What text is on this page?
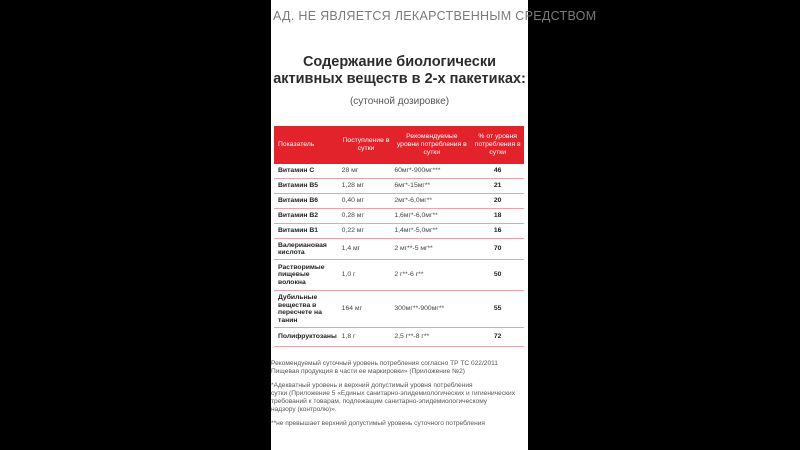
АД. НЕ ЯВЛЯЕТСЯ ЛЕКАРСТВЕННЫМ СРЕДСТВОМ
Содержание биологически
активных веществ в 2-х пакетиках:
(суточной дозировке)
Показатель	Поступление в сутки	Рекомендуемые уровни потребления в сутки	% от уровня потребления в сутки
Витамин С	28 мг	60мг*-900мг***	46
Витамин В5	1,28 мг	6мг*-15мг**	21
Витамин В6	0,40 мг	2мг*-6,0мг**	20
Витамин В2	0,28 мг	1,6мг*-6,0мг**	18
Витамин В1	0,22 мг	1,4мг*-5,0мг**	16
Валериановая кислота	1,4 мг	2 мг**-5 мг**	70
Растворимые пищевые волокна	1,0 г	2 г**-6 г**	50
Дубильные вещества в пересчете на танин	164 мг	300мг**-900мг**	55
Полифруктозаны	1,8 г	2,5 г**-8 г**	72

Рекомендуемый суточный уровень потребления согласно ТР ТС 022/2011
Пищевая продукция в части ее маркировки» (Приложение №2)

*Адекватный уровень и верхний допустимый уровня потребления
сутки (Приложение 5 «Единых санитарно-эпидемиологических и гигиенических
требований к товарам, подлежащим санитарно-эпидемиологическому
надзору (контролю)».

**не превышает верхний допустимый уровень суточного потребления
